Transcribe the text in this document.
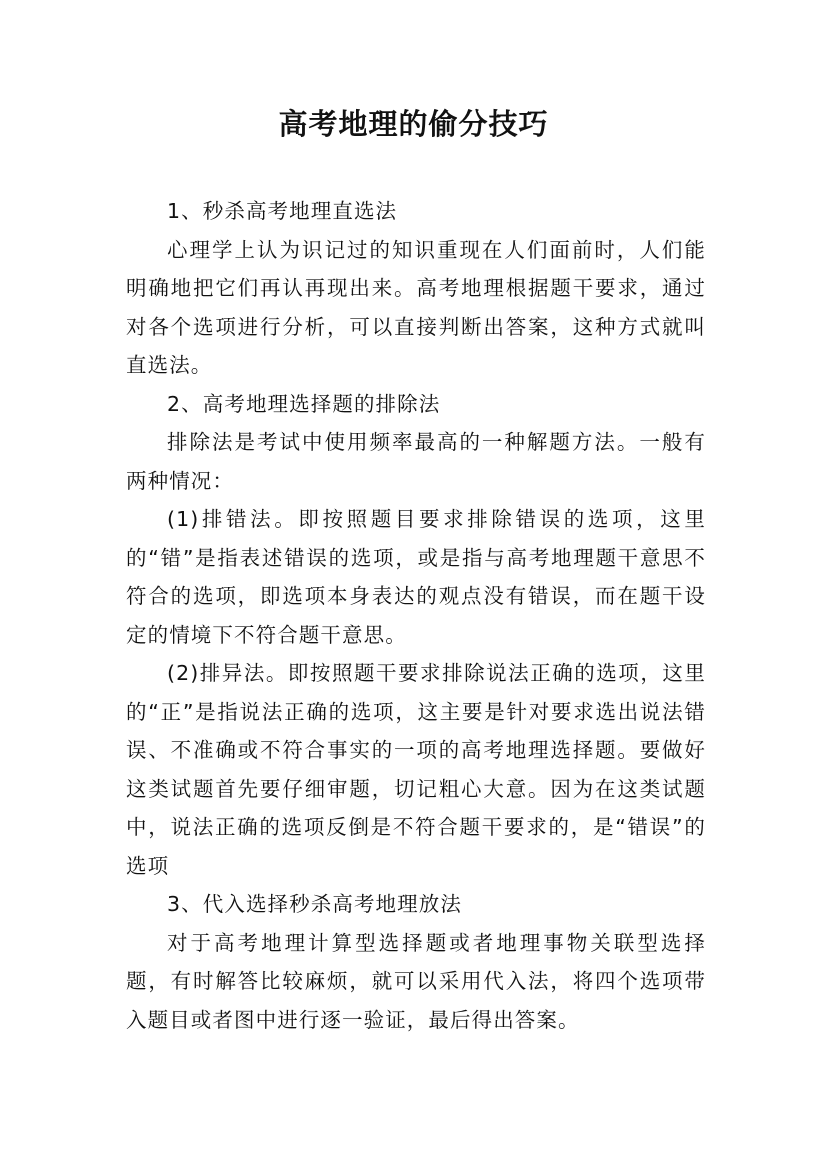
高考地理的偷分技巧

1、秒杀高考地理直选法

心理学上认为识记过的知识重现在人们面前时，人们能明确地把它们再认再现出来。高考地理根据题干要求，通过对各个选项进行分析，可以直接判断出答案，这种方式就叫直选法。

2、高考地理选择题的排除法

排除法是考试中使用频率最高的一种解题方法。一般有两种情况：

(1)排错法。即按照题目要求排除错误的选项，这里的“错”是指表述错误的选项，或是指与高考地理题干意思不符合的选项，即选项本身表达的观点没有错误，而在题干设定的情境下不符合题干意思。

(2)排异法。即按照题干要求排除说法正确的选项，这里的“正”是指说法正确的选项，这主要是针对要求选出说法错误、不准确或不符合事实的一项的高考地理选择题。要做好这类试题首先要仔细审题，切记粗心大意。因为在这类试题中，说法正确的选项反倒是不符合题干要求的，是“错误”的选项

3、代入选择秒杀高考地理放法

对于高考地理计算型选择题或者地理事物关联型选择题，有时解答比较麻烦，就可以采用代入法，将四个选项带入题目或者图中进行逐一验证，最后得出答案。
